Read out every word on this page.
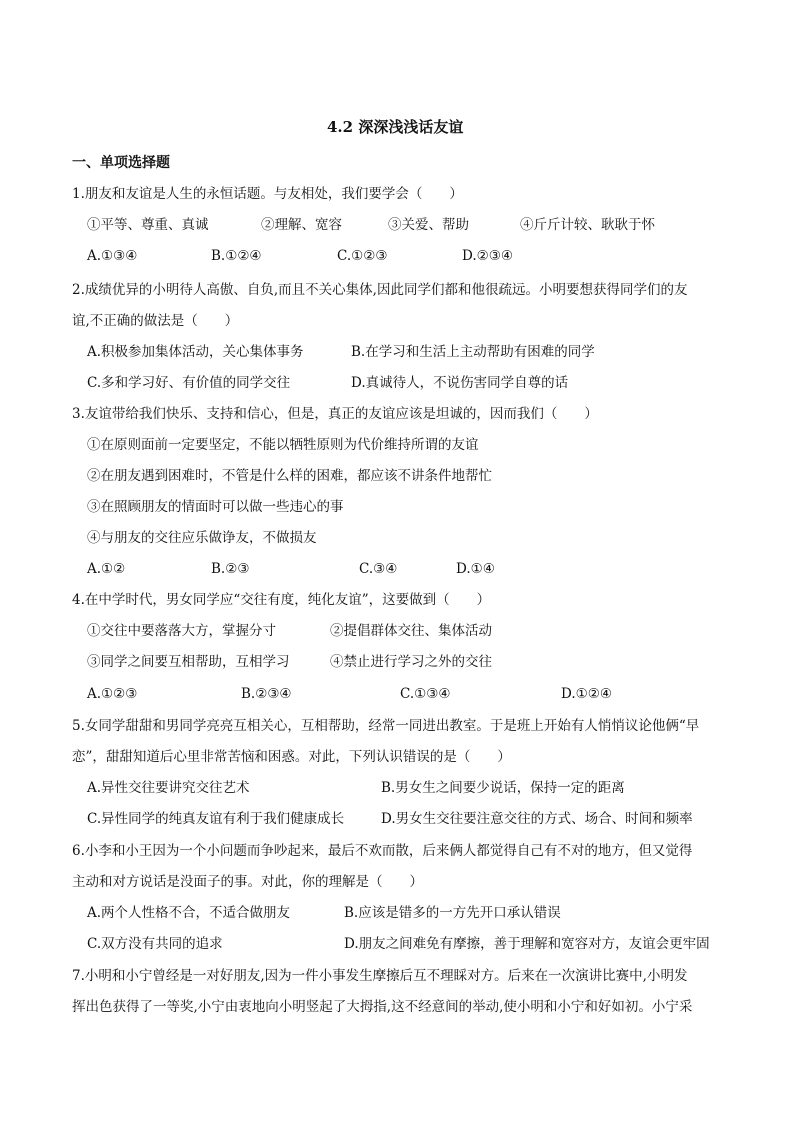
4.2 深深浅浅话友谊
一、单项选择题
1.朋友和友谊是人生的永恒话题。与友相处，我们要学会（　　）
2.成绩优异的小明待人高傲、自负,而且不关心集体,因此同学们都和他很疏远。小明要想获得同学们的友
谊,不正确的做法是（　　）
3.友谊带给我们快乐、支持和信心，但是，真正的友谊应该是坦诚的，因而我们（　　）
①在原则面前一定要坚定，不能以牺牲原则为代价维持所谓的友谊
②在朋友遇到困难时，不管是什么样的困难，都应该不讲条件地帮忙
③在照顾朋友的情面时可以做一些违心的事
④与朋友的交往应乐做诤友，不做损友
4.在中学时代，男女同学应“交往有度，纯化友谊”，这要做到（　　）
5.女同学甜甜和男同学亮亮互相关心，互相帮助，经常一同进出教室。于是班上开始有人悄悄议论他俩“早
恋”，甜甜知道后心里非常苦恼和困惑。对此，下列认识错误的是（　　）
6.小李和小王因为一个小问题而争吵起来，最后不欢而散，后来俩人都觉得自己有不对的地方，但又觉得
主动和对方说话是没面子的事。对此，你的理解是（　　）
7.小明和小宁曾经是一对好朋友,因为一件小事发生摩擦后互不理睬对方。后来在一次演讲比赛中,小明发
挥出色获得了一等奖,小宁由衷地向小明竖起了大拇指,这不经意间的举动,使小明和小宁和好如初。小宁采
①平等、尊重、真诚	②理解、宽容	③关爱、帮助	④斤斤计较、耿耿于怀
A.①③④	B.①②④	C.①②③	D.②③④
A.积极参加集体活动，关心集体事务	B.在学习和生活上主动帮助有困难的同学
C.多和学习好、有价值的同学交往	D.真诚待人，不说伤害同学自尊的话
A.①②	B.②③	C.③④	D.①④
①交往中要落落大方，掌握分寸	②提倡群体交往、集体活动
③同学之间要互相帮助，互相学习	④禁止进行学习之外的交往
A.①②③	B.②③④	C.①③④	D.①②④
A.异性交往要讲究交往艺术	B.男女生之间要少说话，保持一定的距离
C.异性同学的纯真友谊有利于我们健康成长	D.男女生交往要注意交往的方式、场合、时间和频率
A.两个人性格不合，不适合做朋友	B.应该是错多的一方先开口承认错误
C.双方没有共同的追求	D.朋友之间难免有摩擦，善于理解和宽容对方，友谊会更牢固
